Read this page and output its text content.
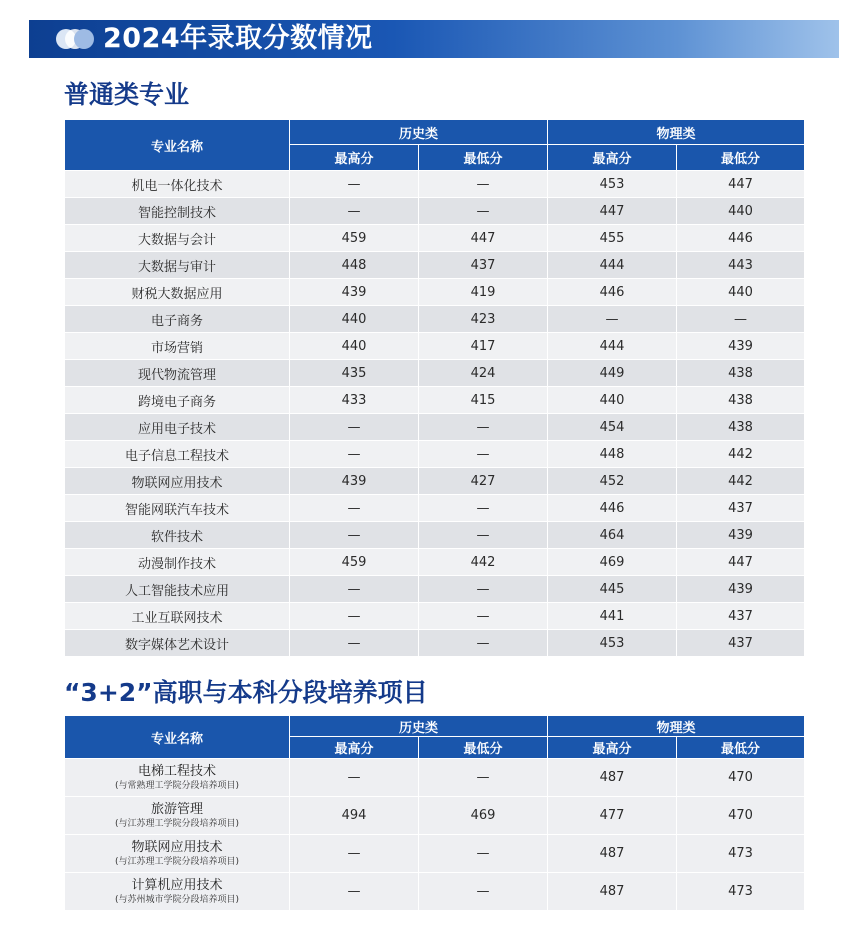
2024年录取分数情况
普通类专业
专业名称	历史类		物理类	
	最高分	最低分	最高分	最低分
机电一体化技术	—	—	453	447
智能控制技术	—	—	447	440
大数据与会计	459	447	455	446
大数据与审计	448	437	444	443
财税大数据应用	439	419	446	440
电子商务	440	423	—	—
市场营销	440	417	444	439
现代物流管理	435	424	449	438
跨境电子商务	433	415	440	438
应用电子技术	—	—	454	438
电子信息工程技术	—	—	448	442
物联网应用技术	439	427	452	442
智能网联汽车技术	—	—	446	437
软件技术	—	—	464	439
动漫制作技术	459	442	469	447
人工智能技术应用	—	—	445	439
工业互联网技术	—	—	441	437
数字媒体艺术设计	—	—	453	437
“3+2”高职与本科分段培养项目
专业名称	历史类		物理类	
	最高分	最低分	最高分	最低分

电梯工程技术
(与常熟理工学院分段培养项目)	—	—	487	470

旅游管理
(与江苏理工学院分段培养项目)	494	469	477	470

物联网应用技术
(与江苏理工学院分段培养项目)	—	—	487	473

计算机应用技术
(与苏州城市学院分段培养项目)	—	—	487	473
